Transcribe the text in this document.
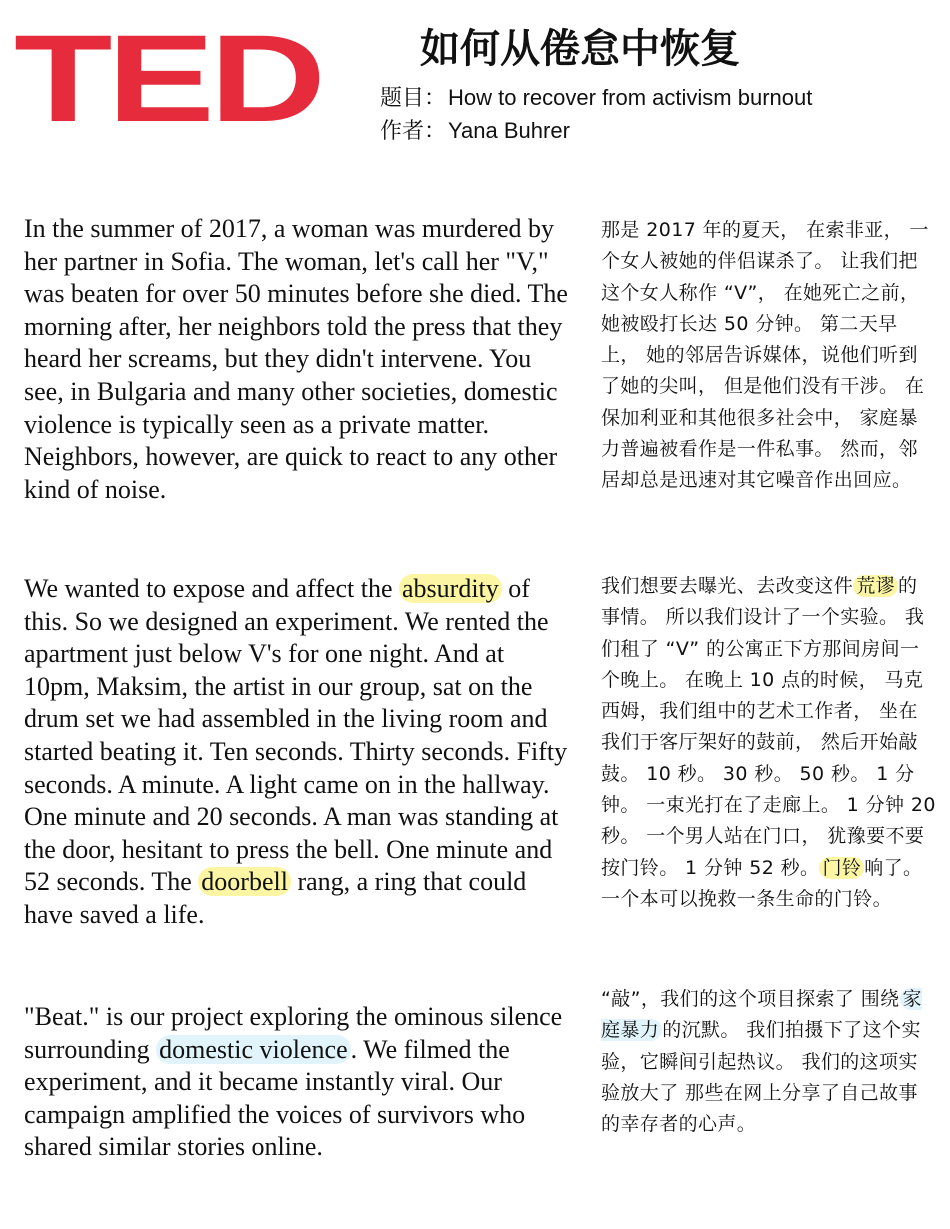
TED	如何从倦怠中恢复
题目：How to recover from activism burnout
作者：Yana Buhrer

In the summer of 2017, a woman was murdered by her partner in Sofia. The woman, let's call her "V," was beaten for over 50 minutes before she died. The morning after, her neighbors told the press that they heard her screams, but they didn't intervene. You see, in Bulgaria and many other societies, domestic violence is typically seen as a private matter. Neighbors, however, are quick to react to any other kind of noise.

We wanted to expose and affect the absurdity of this. So we designed an experiment. We rented the apartment just below V's for one night. And at 10pm, Maksim, the artist in our group, sat on the drum set we had assembled in the living room and started beating it. Ten seconds. Thirty seconds. Fifty seconds. A minute. A light came on in the hallway. One minute and 20 seconds. A man was standing at the door, hesitant to press the bell. One minute and 52 seconds. The doorbell rang, a ring that could have saved a life.

"Beat." is our project exploring the ominous silence surrounding domestic violence . We filmed the experiment, and it became instantly viral. Our campaign amplified the voices of survivors who shared similar stories online.

那是 2017 年的夏天， 在索非亚， 一个女人被她的伴侣谋杀了。 让我们把这个女人称作 “V”， 在她死亡之前， 她被殴打长达 50 分钟。 第二天早上， 她的邻居告诉媒体，说他们听到了她的尖叫， 但是他们没有干涉。 在保加利亚和其他很多社会中， 家庭暴力普遍被看作是一件私事。 然而，邻居却总是迅速对其它噪音作出回应。

我们想要去曝光、去改变这件 荒谬 的事情。 所以我们设计了一个实验。 我们租了 “V” 的公寓正下方那间房间一个晚上。 在晚上 10 点的时候， 马克西姆，我们组中的艺术工作者， 坐在我们于客厅架好的鼓前， 然后开始敲鼓。 10 秒。 30 秒。 50 秒。 1 分钟。 一束光打在了走廊上。 1 分钟 20 秒。 一个男人站在门口， 犹豫要不要按门铃。 1 分钟 52 秒。 门铃 响了。 一个本可以挽救一条生命的门铃。

“敲”，我们的这个项目探索了 围绕 家庭暴力 的沉默。 我们拍摄下了这个实验，它瞬间引起热议。 我们的这项实验放大了 那些在网上分享了自己故事的幸存者的心声。
